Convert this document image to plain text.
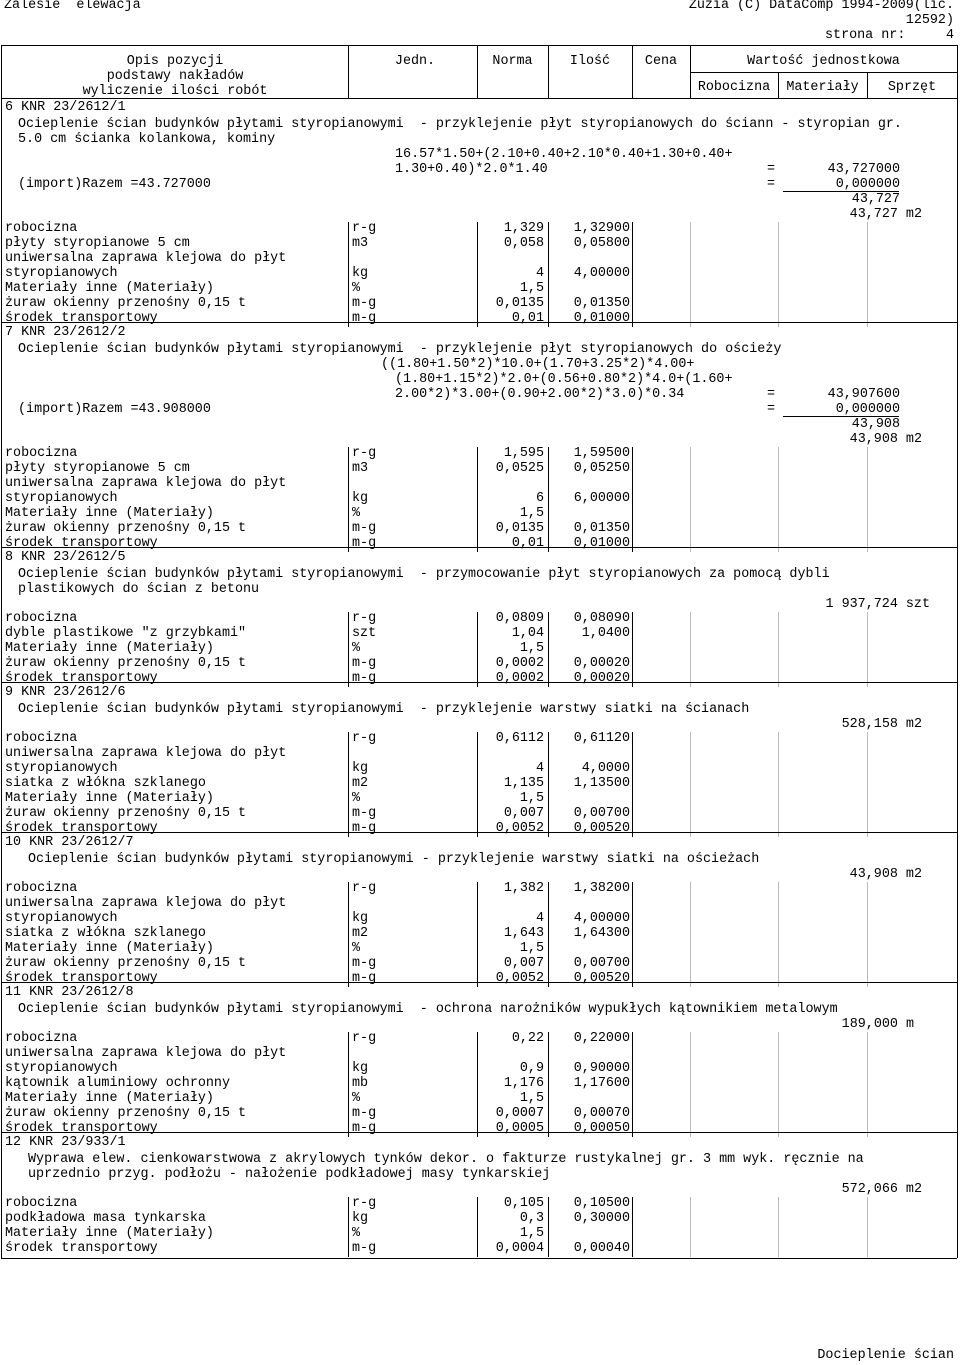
Zalesie  elewacja	Zuzia (C) DataComp 1994-2009(lic.
12592)
strona nr:	4
Opis pozycji
podstawy nakładów
wyliczenie ilości robót
Jedn.	Norma	Ilość	Cena	Wartość jednostkowa
Robocizna	Materiały	Sprzęt
6 KNR 23/2612/1
Ocieplenie ścian budynków płytami styropianowymi  - przyklejenie płyt styropianowych do ściann - styropian gr.
5.0 cm ścianka kolankowa, kominy
16.57*1.50+(2.10+0.40+2.10*0.40+1.30+0.40+
1.30+0.40)*2.0*1.40	=	43,727000
(import)Razem =43.727000	=	0,000000
43,727
43,727 m2
robocizna	r-g	1,329	1,32900
płyty styropianowe 5 cm	m3	0,058	0,05800
uniwersalna zaprawa klejowa do płyt
styropianowych	kg	4	4,00000
Materiały inne (Materiały)	%	1,5
żuraw okienny przenośny 0,15 t	m-g	0,0135	0,01350
środek transportowy	m-g	0,01	0,01000
7 KNR 23/2612/2
Ocieplenie ścian budynków płytami styropianowymi  - przyklejenie płyt styropianowych do ościeży
((1.80+1.50*2)*10.0+(1.70+3.25*2)*4.00+
(1.80+1.15*2)*2.0+(0.56+0.80*2)*4.0+(1.60+
2.00*2)*3.00+(0.90+2.00*2)*3.0)*0.34	=	43,907600
(import)Razem =43.908000	=	0,000000
43,908
43,908 m2
robocizna	r-g	1,595	1,59500
płyty styropianowe 5 cm	m3	0,0525	0,05250
uniwersalna zaprawa klejowa do płyt
styropianowych	kg	6	6,00000
Materiały inne (Materiały)	%	1,5
żuraw okienny przenośny 0,15 t	m-g	0,0135	0,01350
środek transportowy	m-g	0,01	0,01000
8 KNR 23/2612/5
Ocieplenie ścian budynków płytami styropianowymi  - przymocowanie płyt styropianowych za pomocą dybli
plastikowych do ścian z betonu
1 937,724 szt
robocizna	r-g	0,0809	0,08090
dyble plastikowe "z grzybkami"	szt	1,04	1,0400
Materiały inne (Materiały)	%	1,5
żuraw okienny przenośny 0,15 t	m-g	0,0002	0,00020
środek transportowy	m-g	0,0002	0,00020
9 KNR 23/2612/6
Ocieplenie ścian budynków płytami styropianowymi  - przyklejenie warstwy siatki na ścianach
528,158 m2
robocizna	r-g	0,6112	0,61120
uniwersalna zaprawa klejowa do płyt
styropianowych	kg	4	4,0000
siatka z włókna szklanego	m2	1,135	1,13500
Materiały inne (Materiały)	%	1,5
żuraw okienny przenośny 0,15 t	m-g	0,007	0,00700
środek transportowy	m-g	0,0052	0,00520
10 KNR 23/2612/7
Ocieplenie ścian budynków płytami styropianowymi - przyklejenie warstwy siatki na ościeżach
43,908 m2
robocizna	r-g	1,382	1,38200
uniwersalna zaprawa klejowa do płyt
styropianowych	kg	4	4,00000
siatka z włókna szklanego	m2	1,643	1,64300
Materiały inne (Materiały)	%	1,5
żuraw okienny przenośny 0,15 t	m-g	0,007	0,00700
środek transportowy	m-g	0,0052	0,00520
11 KNR 23/2612/8
Ocieplenie ścian budynków płytami styropianowymi  - ochrona narożników wypukłych kątownikiem metalowym
189,000 m
robocizna	r-g	0,22	0,22000
uniwersalna zaprawa klejowa do płyt
styropianowych	kg	0,9	0,90000
kątownik aluminiowy ochronny	mb	1,176	1,17600
Materiały inne (Materiały)	%	1,5
żuraw okienny przenośny 0,15 t	m-g	0,0007	0,00070
środek transportowy	m-g	0,0005	0,00050
12 KNR 23/933/1
Wyprawa elew. cienkowarstwowa z akrylowych tynków dekor. o fakturze rustykalnej gr. 3 mm wyk. ręcznie na
uprzednio przyg. podłożu - nałożenie podkładowej masy tynkarskiej
572,066 m2
robocizna	r-g	0,105	0,10500
podkładowa masa tynkarska	kg	0,3	0,30000
Materiały inne (Materiały)	%	1,5
środek transportowy	m-g	0,0004	0,00040
Docieplenie ścian
